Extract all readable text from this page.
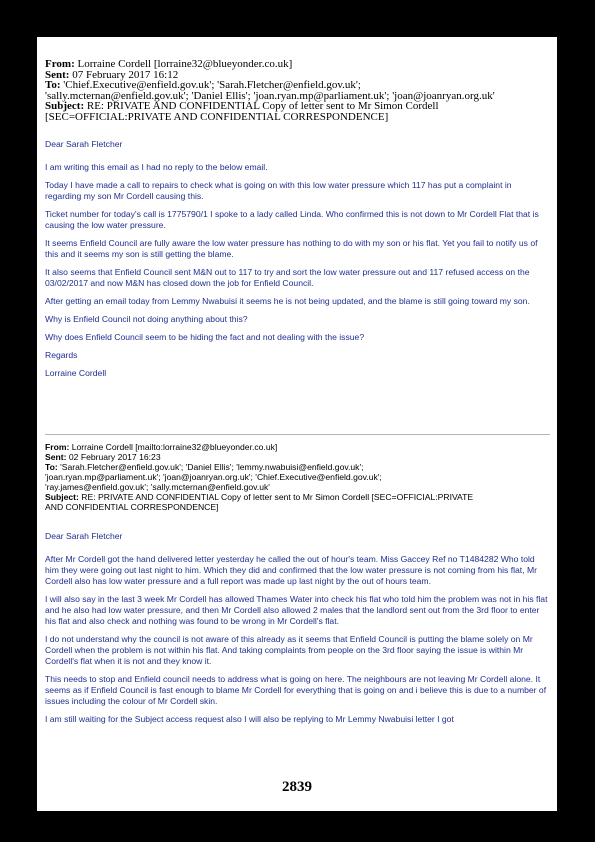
From: Lorraine Cordell [lorraine32@blueyonder.co.uk]
Sent: 07 February 2017 16:12
To: 'Chief.Executive@enfield.gov.uk'; 'Sarah.Fletcher@enfield.gov.uk';
'sally.mcternan@enfield.gov.uk'; 'Daniel Ellis'; 'joan.ryan.mp@parliament.uk'; 'joan@joanryan.org.uk'
Subject: RE: PRIVATE AND CONFIDENTIAL Copy of letter sent to Mr Simon Cordell
[SEC=OFFICIAL:PRIVATE AND CONFIDENTIAL CORRESPONDENCE]

Dear Sarah Fletcher

I am writing this email as I had no reply to the below email.

Today I have made a call to repairs to check what is going on with this low water pressure which 117 has put a complaint in regarding my son Mr Cordell causing this.

Ticket number for today's call is 1775790/1 I spoke to a lady called Linda. Who confirmed this is not down to Mr Cordell Flat that is causing the low water pressure.

It seems Enfield Council are fully aware the low water pressure has nothing to do with my son or his flat. Yet you fail to notify us of this and it seems my son is still getting the blame.

It also seems that Enfield Council sent M&N out to 117 to try and sort the low water pressure out and 117 refused access on the 03/02/2017 and now M&N has closed down the job for Enfield Council.

After getting an email today from Lemmy Nwabuisi it seems he is not being updated, and the blame is still going toward my son.

Why is Enfield Council not doing anything about this?

Why does Enfield Council seem to be hiding the fact and not dealing with the issue?

Regards

Lorraine Cordell

From: Lorraine Cordell [mailto:lorraine32@blueyonder.co.uk]
Sent: 02 February 2017 16:23
To: 'Sarah.Fletcher@enfield.gov.uk'; 'Daniel Ellis'; 'lemmy.nwabuisi@enfield.gov.uk';
'joan.ryan.mp@parliament.uk'; 'joan@joanryan.org.uk'; 'Chief.Executive@enfield.gov.uk';
'ray.james@enfield.gov.uk'; 'sally.mcternan@enfield.gov.uk'
Subject: RE: PRIVATE AND CONFIDENTIAL Copy of letter sent to Mr Simon Cordell [SEC=OFFICIAL:PRIVATE
AND CONFIDENTIAL CORRESPONDENCE]

Dear Sarah Fletcher

After Mr Cordell got the hand delivered letter yesterday he called the out of hour's team. Miss Gaccey Ref no T1484282 Who told him they were going out last night to him. Which they did and confirmed that the low water pressure is not coming from his flat, Mr Cordell also has low water pressure and a full report was made up last night by the out of hours team.

I will also say in the last 3 week Mr Cordell has allowed Thames Water into check his flat who told him the problem was not in his flat and he also had low water pressure, and then Mr Cordell also allowed 2 males that the landlord sent out from the 3rd floor to enter his flat and also check and nothing was found to be wrong in Mr Cordell's flat.

I do not understand why the council is not aware of this already as it seems that Enfield Council is putting the blame solely on Mr Cordell when the problem is not within his flat. And taking complaints from people on the 3rd floor saying the issue is within Mr Cordell's flat when it is not and they know it.

This needs to stop and Enfield council needs to address what is going on here. The neighbours are not leaving Mr Cordell alone. It seems as if Enfield Council is fast enough to blame Mr Cordell for everything that is going on and i believe this is due to a number of issues including the colour of Mr Cordell skin.

I am still waiting for the Subject access request also I will also be replying to Mr Lemmy Nwabuisi letter I got

2839
